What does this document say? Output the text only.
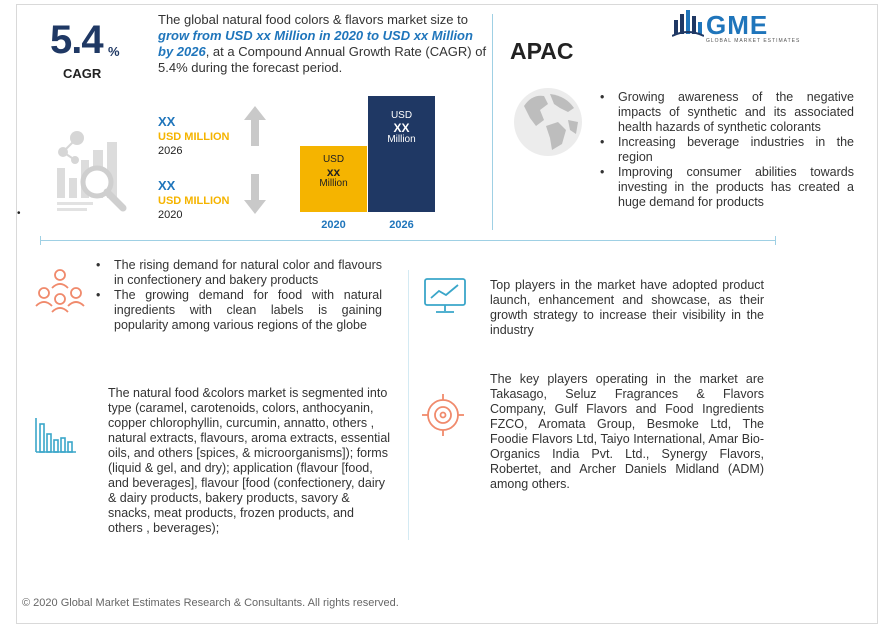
5.4 %
CAGR
The global natural food colors & flavors market size to grow from USD xx Million in 2020 to USD xx Million by 2026, at a Compound Annual Growth Rate (CAGR) of 5.4% during the forecast period.
XX
USD MILLION
2026
XX
USD MILLION
2020
USD
xx
Million
USD
XX
Million
•
GME
GLOBAL MARKET ESTIMATES
APAC
• Growing awareness of the negative impacts of synthetic and its associated health hazards of synthetic colorants
• Increasing beverage industries in the region
• Improving consumer abilities towards investing in the products has created a huge demand for products
• The rising demand for natural color and flavours in confectionery and bakery products
• The growing demand for food with natural ingredients with clean labels is gaining popularity among various regions of the globe
Top players in the market have adopted product launch, enhancement and showcase, as their growth strategy to increase their visibility in the industry
The natural food &colors market is segmented into type (caramel, carotenoids, colors, anthocyanin, copper chlorophyllin, curcumin, annatto, others , natural extracts, flavours, aroma extracts, essential oils, and others [spices, & microorganisms]); forms (liquid & gel, and dry); application (flavour [food, and beverages], flavour [food (confectionery, dairy & dairy products, bakery products, savory & snacks, meat products, frozen products, and others , beverages);
The key players operating in the market are Takasago, Seluz Fragrances & Flavors Company, Gulf Flavors and Food Ingredients FZCO, Aromata Group, Besmoke Ltd, The Foodie Flavors Ltd, Taiyo International, Amar Bio-Organics India Pvt. Ltd., Synergy Flavors, Robertet, and Archer Daniels Midland (ADM) among others.
© 2020 Global Market Estimates Research & Consultants. All rights reserved.
2020	2026
